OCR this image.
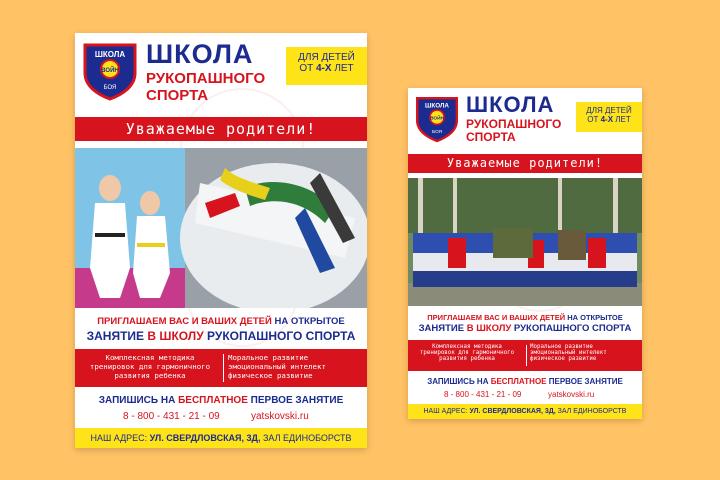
ШКОЛА
ВОЙН
БОЯ
ШКОЛА
РУКОПАШНОГО
СПОРТА
ДЛЯ ДЕТЕЙ
ОТ 4-Х ЛЕТ
Уважаемые родители!
ПРИГЛАШАЕМ ВАС И ВАШИХ ДЕТЕЙ НА ОТКРЫТОЕ
ЗАНЯТИЕ В ШКОЛУ РУКОПАШНОГО СПОРТА
Комплексная методика
тренировок для гармоничного
развития ребенка
Моральное развитие
эмоциональный интелект
физическое развитие
ЗАПИШИСЬ НА БЕСПЛАТНОЕ ПЕРВОЕ ЗАНЯТИЕ
8 - 800 - 431 - 21 - 09	yatskovski.ru
НАШ АДРЕС: УЛ. СВЕРДЛОВСКАЯ, 3Д, ЗАЛ ЕДИНОБОРСТВ
ШКОЛА
ВОЙН
БОЯ
ШКОЛА
РУКОПАШНОГО
СПОРТА
ДЛЯ ДЕТЕЙ
ОТ 4-Х ЛЕТ
Уважаемые родители!
ПРИГЛАШАЕМ ВАС И ВАШИХ ДЕТЕЙ НА ОТКРЫТОЕ
ЗАНЯТИЕ В ШКОЛУ РУКОПАШНОГО СПОРТА
Комплексная методика
тренировок для гармоничного
развития ребенка
Моральное развитие
эмоциональный интелект
физическое развитие
ЗАПИШИСЬ НА БЕСПЛАТНОЕ ПЕРВОЕ ЗАНЯТИЕ
8 - 800 - 431 - 21 - 09	yatskovski.ru
НАШ АДРЕС: УЛ. СВЕРДЛОВСКАЯ, 3Д, ЗАЛ ЕДИНОБОРСТВ
